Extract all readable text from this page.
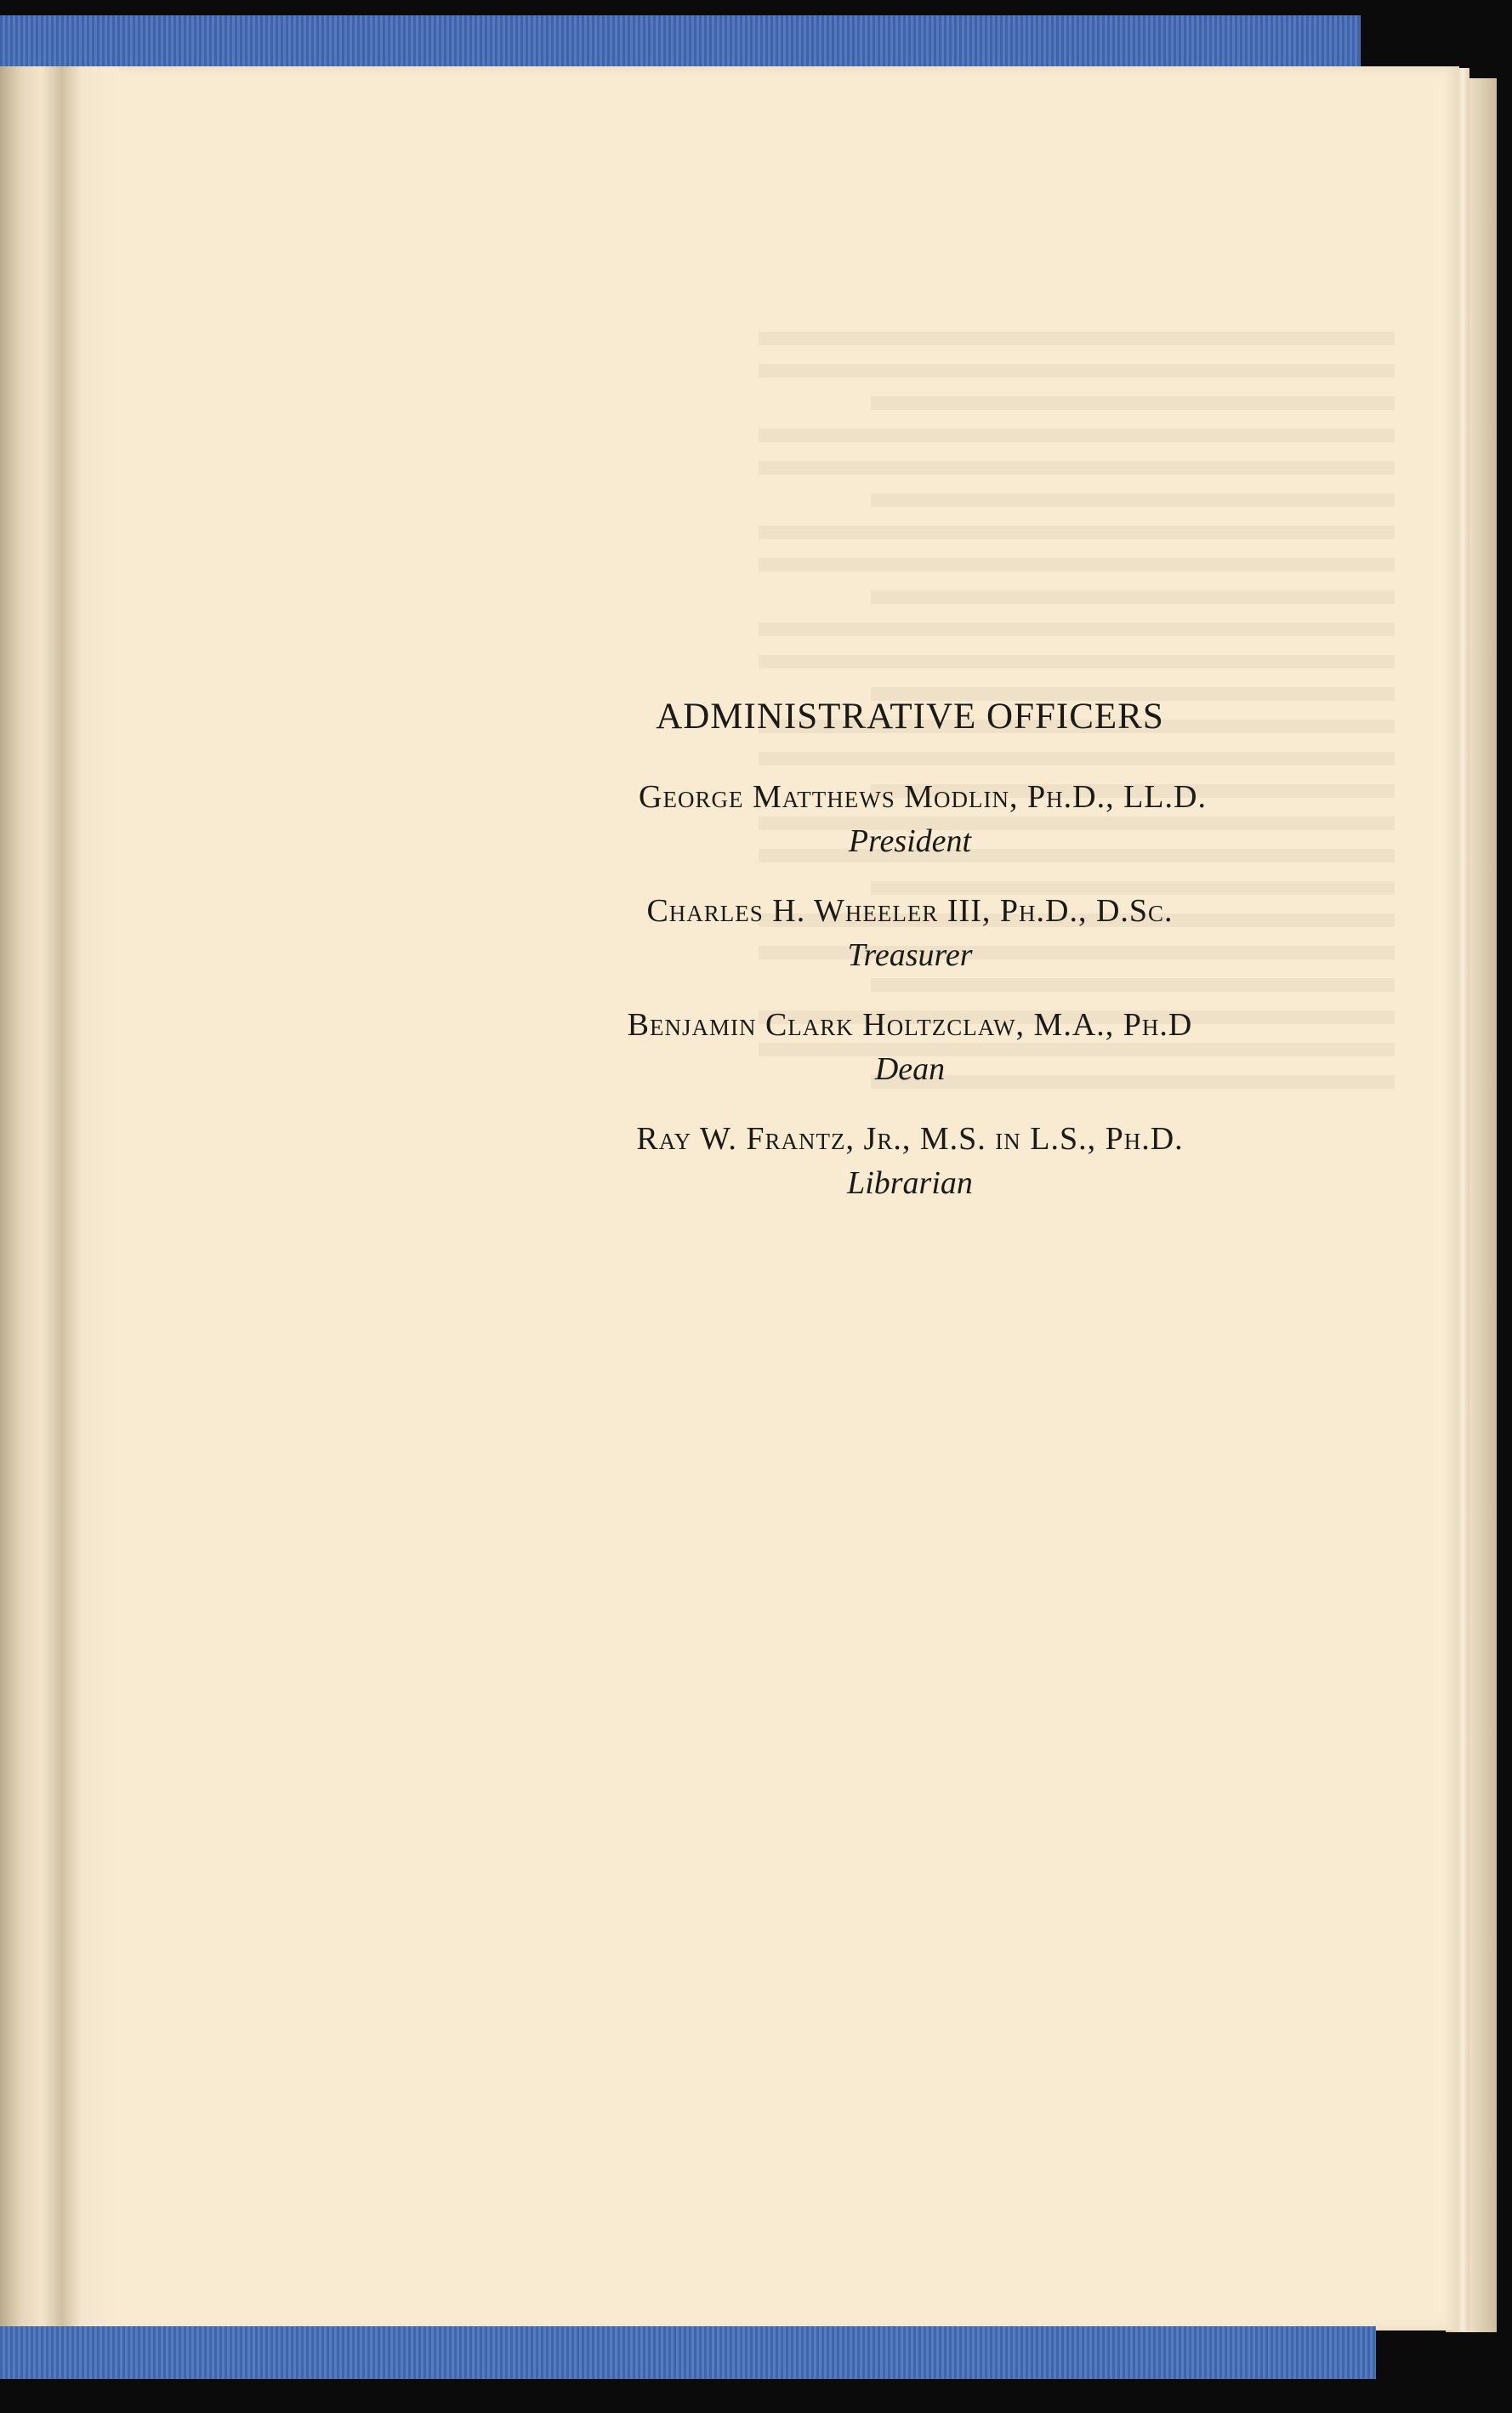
ADMINISTRATIVE OFFICERS
George Matthews Modlin, Ph.D., LL.D.
President
Charles H. Wheeler III, Ph.D., D.Sc.
Treasurer
Benjamin Clark Holtzclaw, M.A., Ph.D
Dean
Ray W. Frantz, Jr., M.S. in L.S., Ph.D.
Librarian
